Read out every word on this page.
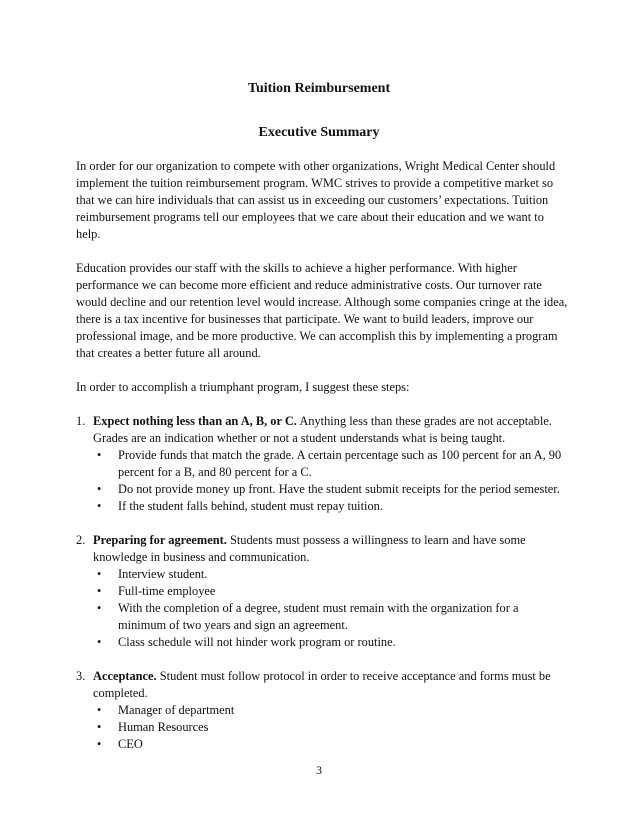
Tuition Reimbursement
Executive Summary

In order for our organization to compete with other organizations, Wright Medical Center should implement the tuition reimbursement program. WMC strives to provide a competitive market so that we can hire individuals that can assist us in exceeding our customers’ expectations. Tuition reimbursement programs tell our employees that we care about their education and we want to help.

Education provides our staff with the skills to achieve a higher performance. With higher performance we can become more efficient and reduce administrative costs. Our turnover rate would decline and our retention level would increase. Although some companies cringe at the idea, there is a tax incentive for businesses that participate. We want to build leaders, improve our professional image, and be more productive. We can accomplish this by implementing a program that creates a better future all around.

In order to accomplish a triumphant program, I suggest these steps:

1. Expect nothing less than an A, B, or C. Anything less than these grades are not acceptable. Grades are an indication whether or not a student understands what is being taught.
• Provide funds that match the grade. A certain percentage such as 100 percent for an A, 90 percent for a B, and 80 percent for a C.
• Do not provide money up front. Have the student submit receipts for the period semester.
• If the student falls behind, student must repay tuition.
2. Preparing for agreement. Students must possess a willingness to learn and have some knowledge in business and communication.
• Interview student.
• Full-time employee
• With the completion of a degree, student must remain with the organization for a minimum of two years and sign an agreement.
• Class schedule will not hinder work program or routine.
3. Acceptance. Student must follow protocol in order to receive acceptance and forms must be completed.
• Manager of department
• Human Resources
• CEO
3
